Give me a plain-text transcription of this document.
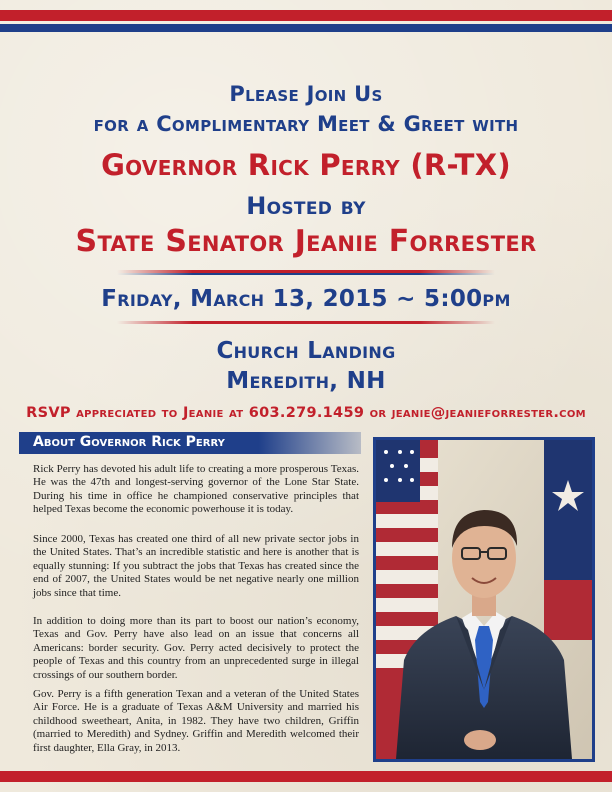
Please Join Us
for a Complimentary Meet & Greet with
Governor Rick Perry (R-TX)
Hosted by
State Senator Jeanie Forrester
Friday, March 13, 2015 ~ 5:00pm
Church Landing
Meredith, NH
RSVP appreciated to Jeanie at 603.279.1459 or jeanie@jeanieforrester.com
About Governor Rick Perry

Rick Perry has devoted his adult life to creating a more prosperous Texas. He was the 47th and longest-serving governor of the Lone Star State. During his time in office he championed conservative principles that helped Texas become the economic powerhouse it is today.

Since 2000, Texas has created one third of all new private sector jobs in the United States. That’s an incredible statistic and here is another that is equally stunning: If you subtract the jobs that Texas has created since the end of 2007, the United States would be net negative nearly one million jobs since that time.

In addition to doing more than its part to boost our nation’s economy, Texas and Gov. Perry have also lead on an issue that concerns all Americans: border security. Gov. Perry acted decisively to protect the people of Texas and this country from an unprecedented surge in illegal crossings of our southern border.

Gov. Perry is a fifth generation Texan and a veteran of the United States Air Force. He is a graduate of Texas A&M University and married his childhood sweetheart, Anita, in 1982. They have two children, Griffin (married to Meredith) and Sydney. Griffin and Meredith welcomed their first daughter, Ella Gray, in 2013.
